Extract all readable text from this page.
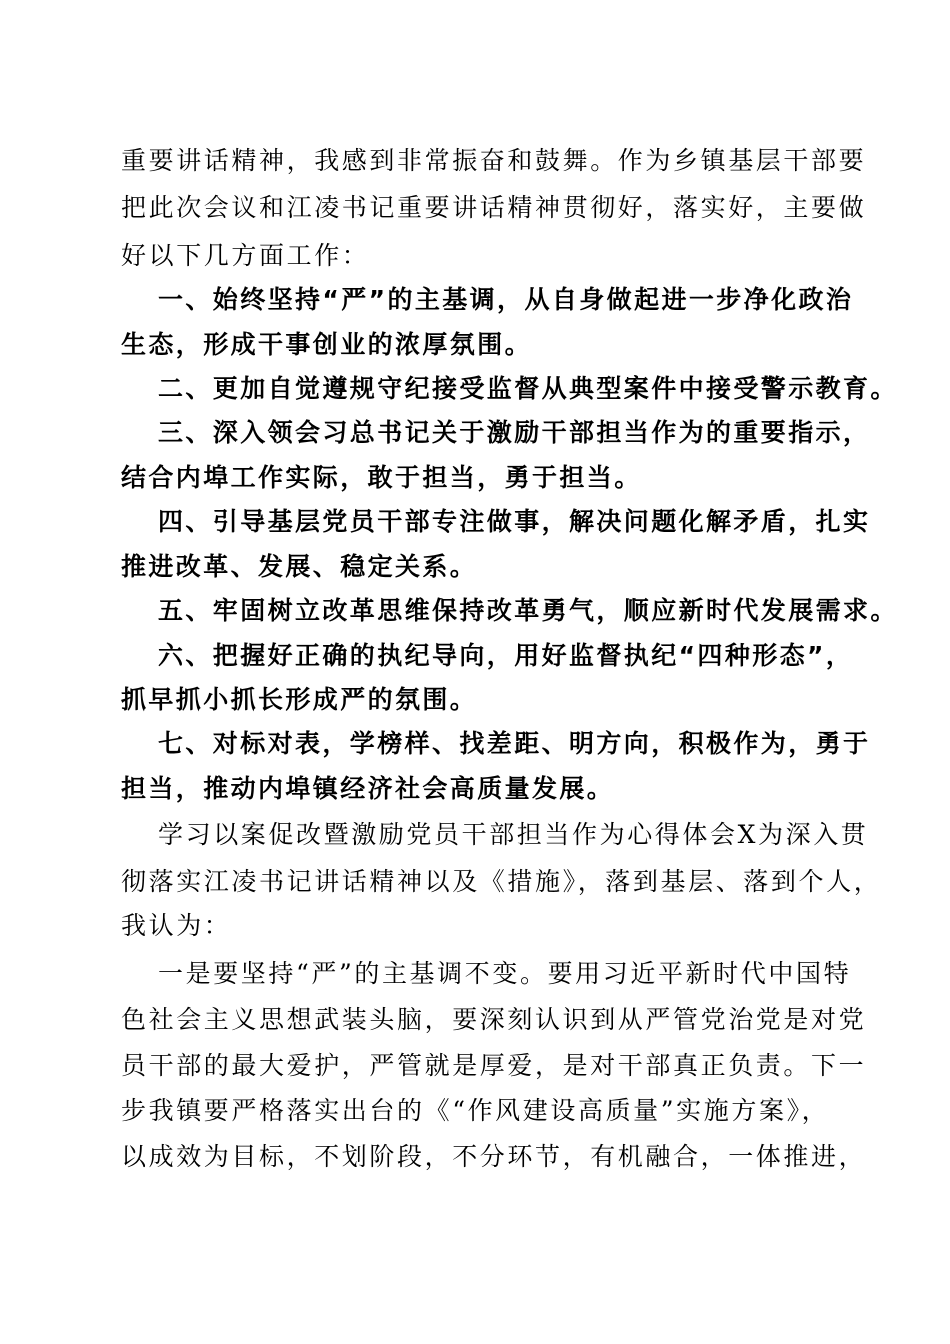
重要讲话精神，我感到非常振奋和鼓舞。作为乡镇基层干部要
把此次会议和江凌书记重要讲话精神贯彻好，落实好，主要做
好以下几方面工作：
一、始终坚持“严”的主基调，从自身做起进一步净化政治
生态，形成干事创业的浓厚氛围。
二、更加自觉遵规守纪接受监督从典型案件中接受警示教育。
三、深入领会习总书记关于激励干部担当作为的重要指示，
结合内埠工作实际，敢于担当，勇于担当。
四、引导基层党员干部专注做事，解决问题化解矛盾，扎实
推进改革、发展、稳定关系。
五、牢固树立改革思维保持改革勇气，顺应新时代发展需求。
六、把握好正确的执纪导向，用好监督执纪“四种形态”，
抓早抓小抓长形成严的氛围。
七、对标对表，学榜样、找差距、明方向，积极作为，勇于
担当，推动内埠镇经济社会高质量发展。
学习以案促改暨激励党员干部担当作为心得体会X为深入贯
彻落实江凌书记讲话精神以及《措施》，落到基层、落到个人，
我认为：
一是要坚持“严”的主基调不变。要用习近平新时代中国特
色社会主义思想武装头脑，要深刻认识到从严管党治党是对党
员干部的最大爱护，严管就是厚爱，是对干部真正负责。下一
步我镇要严格落实出台的《“作风建设高质量”实施方案》，
以成效为目标，不划阶段，不分环节，有机融合，一体推进，
